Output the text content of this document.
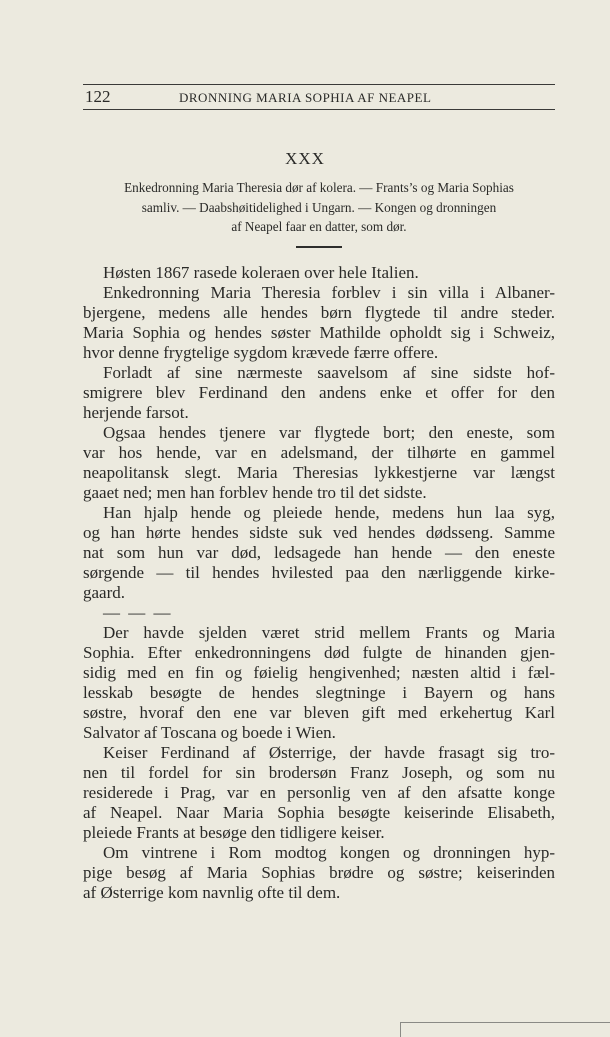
122	DRONNING MARIA SOPHIA AF NEAPEL
XXX
Enkedronning Maria Theresia dør af kolera. — Frants’s og Maria Sophias
samliv. — Daabshøitidelighed i Ungarn. — Kongen og dronningen
af Neapel faar en datter, som dør.
Høsten 1867 rasede koleraen over hele Italien.
Enkedronning Maria Theresia forblev i sin villa i Albaner-
bjergene, medens alle hendes børn flygtede til andre steder.
Maria Sophia og hendes søster Mathilde opholdt sig i Schweiz,
hvor denne frygtelige sygdom krævede færre offere.
Forladt af sine nærmeste saavelsom af sine sidste hof-
smigrere blev Ferdinand den andens enke et offer for den
herjende farsot.
Ogsaa hendes tjenere var flygtede bort; den eneste, som
var hos hende, var en adelsmand, der tilhørte en gammel
neapolitansk slegt. Maria Theresias lykkestjerne var længst
gaaet ned; men han forblev hende tro til det sidste.
Han hjalp hende og pleiede hende, medens hun laa syg,
og han hørte hendes sidste suk ved hendes dødsseng. Samme
nat som hun var død, ledsagede han hende — den eneste
sørgende — til hendes hvilested paa den nærliggende kirke-
gaard.
— — —
Der havde sjelden været strid mellem Frants og Maria
Sophia. Efter enkedronningens død fulgte de hinanden gjen-
sidig med en fin og føielig hengivenhed; næsten altid i fæl-
lesskab besøgte de hendes slegtninge i Bayern og hans
søstre, hvoraf den ene var bleven gift med erkehertug Karl
Salvator af Toscana og boede i Wien.
Keiser Ferdinand af Østerrige, der havde frasagt sig tro-
nen til fordel for sin brodersøn Franz Joseph, og som nu
residerede i Prag, var en personlig ven af den afsatte konge
af Neapel. Naar Maria Sophia besøgte keiserinde Elisabeth,
pleiede Frants at besøge den tidligere keiser.
Om vintrene i Rom modtog kongen og dronningen hyp-
pige besøg af Maria Sophias brødre og søstre; keiserinden
af Østerrige kom navnlig ofte til dem.
